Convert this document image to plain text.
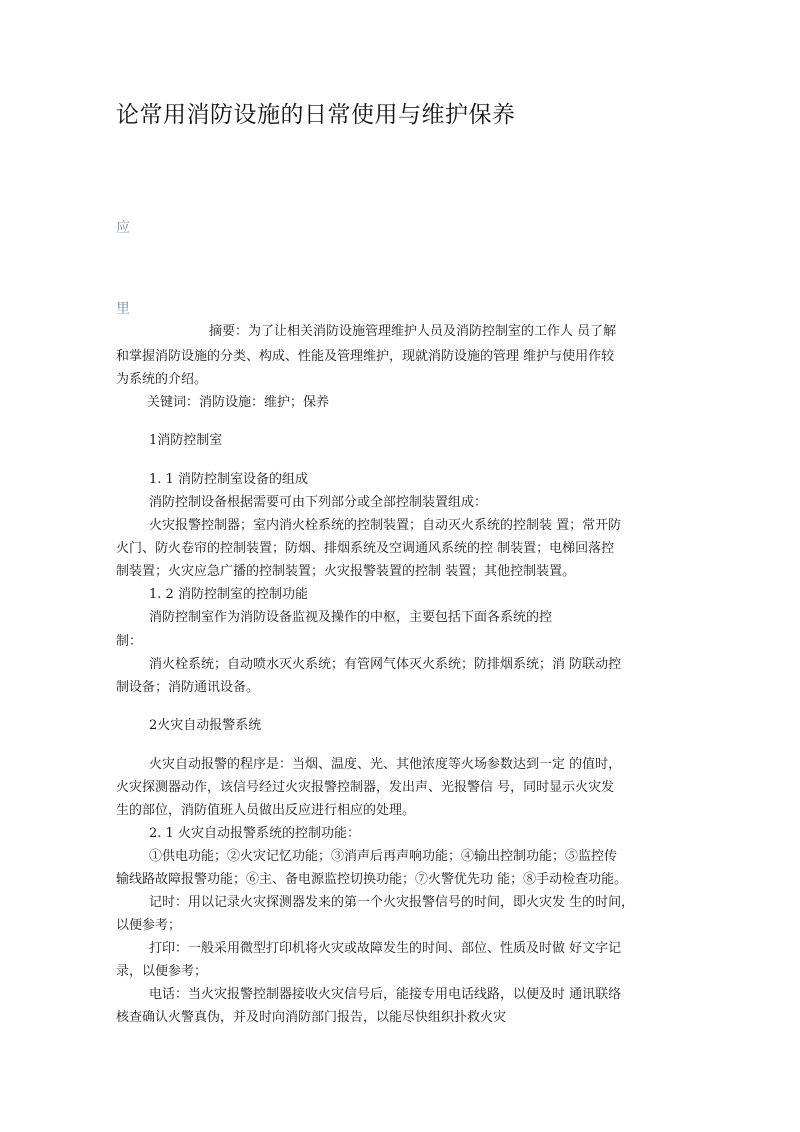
论常用消防设施的日常使用与维护保养
应
里
摘要：为了让相关消防设施管理维护人员及消防控制室的工作人 员了解
和掌握消防设施的分类、构成、性能及管理维护，现就消防设施的管理 维护与使用作较
为系统的介绍。
关键词：消防设施：维护；保养
1消防控制室
1. 1 消防控制室设备的组成
消防控制设备根据需要可由下列部分或全部控制装置组成：
火灾报警控制器；室内消火栓系统的控制装置；自动灭火系统的控制装 置；常开防
火门、防火卷帘的控制装置；防烟、排烟系统及空调通风系统的控 制装置；电梯回落控
制装置；火灾应急广播的控制装置；火灾报警装置的控制 装置；其他控制装置。
1. 2 消防控制室的控制功能
消防控制室作为消防设备监视及操作的中枢，主要包括下面各系统的控
制：
消火栓系统；自动喷水灭火系统；有管网气体灭火系统；防排烟系统；消 防联动控
制设备；消防通讯设备。
2火灾自动报警系统
火灾自动报警的程序是：当烟、温度、光、其他浓度等火场参数达到一定 的值时，
火灾探测器动作，该信号经过火灾报警控制器，发出声、光报警信 号，同时显示火灾发
生的部位，消防值班人员做出反应进行相应的处理。
2. 1 火灾自动报警系统的控制功能：
①供电功能；②火灾记忆功能；③消声后再声响功能；④输出控制功能；⑤监控传
输线路故障报警功能；⑥主、备电源监控切换功能；⑦火警优先功 能；⑧手动检查功能。
记时：用以记录火灾探测器发来的第一个火灾报警信号的时间，即火灾发 生的时间，
以便参考；
打印：一般采用微型打印机将火灾或故障发生的时间、部位、性质及时做 好文字记
录，以便参考；
电话：当火灾报警控制器接收火灾信号后，能接专用电话线路，以便及时 通讯联络
核查确认火警真伪，并及时向消防部门报告，以能尽快组织扑救火灾
